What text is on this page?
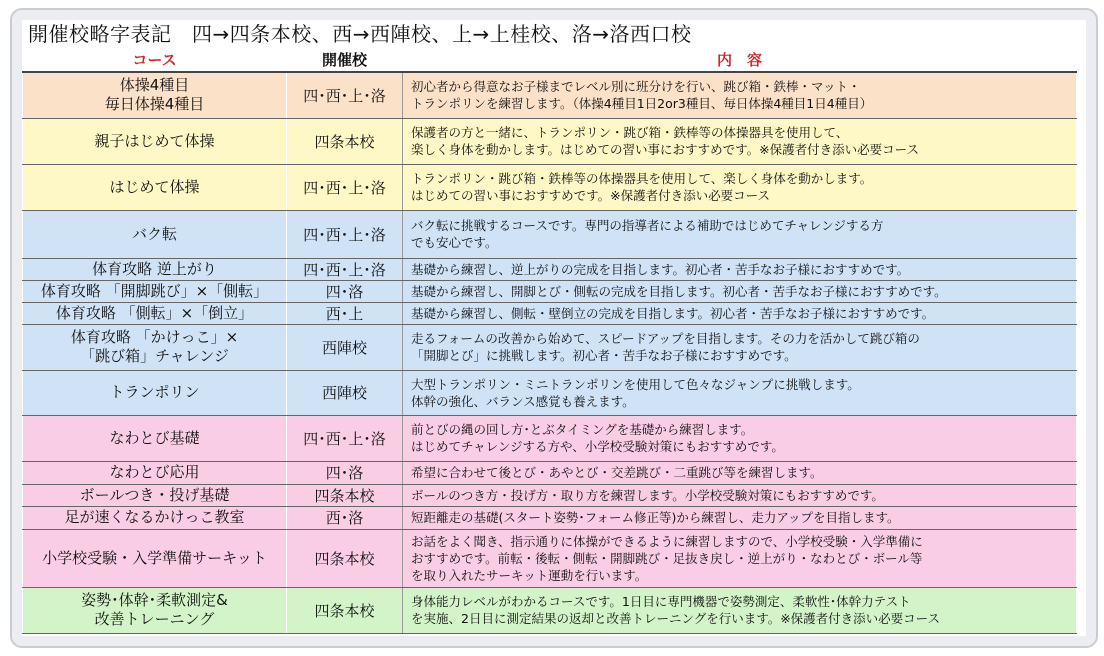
開催校略字表記　四→四条本校、西→西陣校、上→上桂校、洛→洛西口校
コース	開催校	内　容

体操4種目
毎日体操4種目	四･西･上･洛	初心者から得意なお子様までレベル別に班分けを行い、跳び箱・鉄棒・マット・
トランポリンを練習します。（体操4種目1日2or3種目、毎日体操4種目1日4種目）

親子はじめて体操	四条本校	保護者の方と一緒に、トランポリン・跳び箱・鉄棒等の体操器具を使用して、
楽しく身体を動かします。はじめての習い事におすすめです。※保護者付き添い必要コース

はじめて体操	四･西･上･洛	トランポリン・跳び箱・鉄棒等の体操器具を使用して、楽しく身体を動かします。
はじめての習い事におすすめです。※保護者付き添い必要コース

バク転	四･西･上･洛	バク転に挑戦するコースです。専門の指導者による補助ではじめてチャレンジする方
でも安心です。

体育攻略 逆上がり	四･西･上･洛	基礎から練習し、逆上がりの完成を目指します。初心者・苦手なお子様におすすめです。

体育攻略 「開脚跳び」×「側転」	四･洛	基礎から練習し、開脚とび・側転の完成を目指します。初心者・苦手なお子様におすすめです。

体育攻略 「側転」×「倒立」	西･上	基礎から練習し、側転・壁倒立の完成を目指します。初心者・苦手なお子様におすすめです。

体育攻略 「かけっこ」×
「跳び箱」チャレンジ	西陣校	走るフォームの改善から始めて、スピードアップを目指します。その力を活かして跳び箱の
「開脚とび」に挑戦します。初心者・苦手なお子様におすすめです。

トランポリン	西陣校	大型トランポリン・ミニトランポリンを使用して色々なジャンプに挑戦します。
体幹の強化、バランス感覚も養えます。

なわとび基礎	四･西･上･洛	前とびの縄の回し方･とぶタイミングを基礎から練習します。
はじめてチャレンジする方や、小学校受験対策にもおすすめです。

なわとび応用	四･洛	希望に合わせて後とび・あやとび・交差跳び・二重跳び等を練習します。

ボールつき・投げ基礎	四条本校	ボールのつき方・投げ方・取り方を練習します。小学校受験対策にもおすすめです。

足が速くなるかけっこ教室	西･洛	短距離走の基礎(スタート姿勢･フォーム修正等)から練習し、走力アップを目指します。

小学校受験・入学準備サーキット	四条本校	お話をよく聞き、指示通りに体操ができるように練習しますので、小学校受験・入学準備に
おすすめです。前転・後転・側転・開脚跳び・足抜き戻し・逆上がり・なわとび・ボール等
を取り入れたサーキット運動を行います。

姿勢･体幹･柔軟測定&
改善トレーニング	四条本校	身体能力レベルがわかるコースです。1日目に専門機器で姿勢測定、柔軟性･体幹力テスト
を実施、2日目に測定結果の返却と改善トレーニングを行います。※保護者付き添い必要コース
